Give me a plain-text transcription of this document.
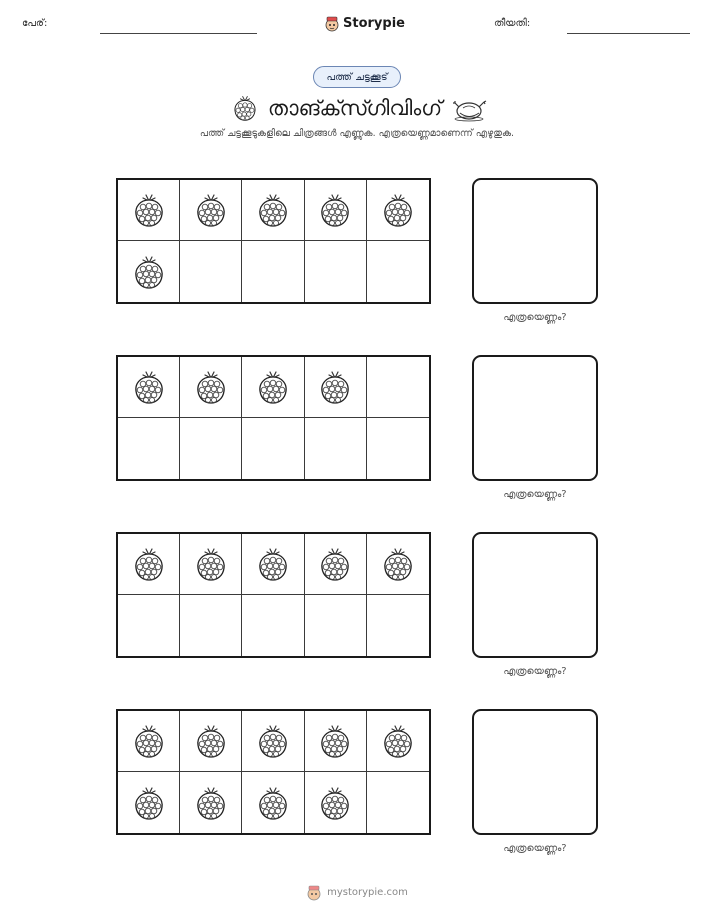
പേര്:	Storypie	തീയതി:
പത്ത് ചട്ടക്കൂട്
താങ്ക്സ്ഗിവിംഗ്
പത്ത് ചട്ടക്കൂടുകളിലെ ചിത്രങ്ങൾ എണ്ണുക. എത്രയെണ്ണമാണെന്ന് എഴുതുക.
എത്രയെണ്ണം?
എത്രയെണ്ണം?
എത്രയെണ്ണം?
എത്രയെണ്ണം?
mystorypie.com
